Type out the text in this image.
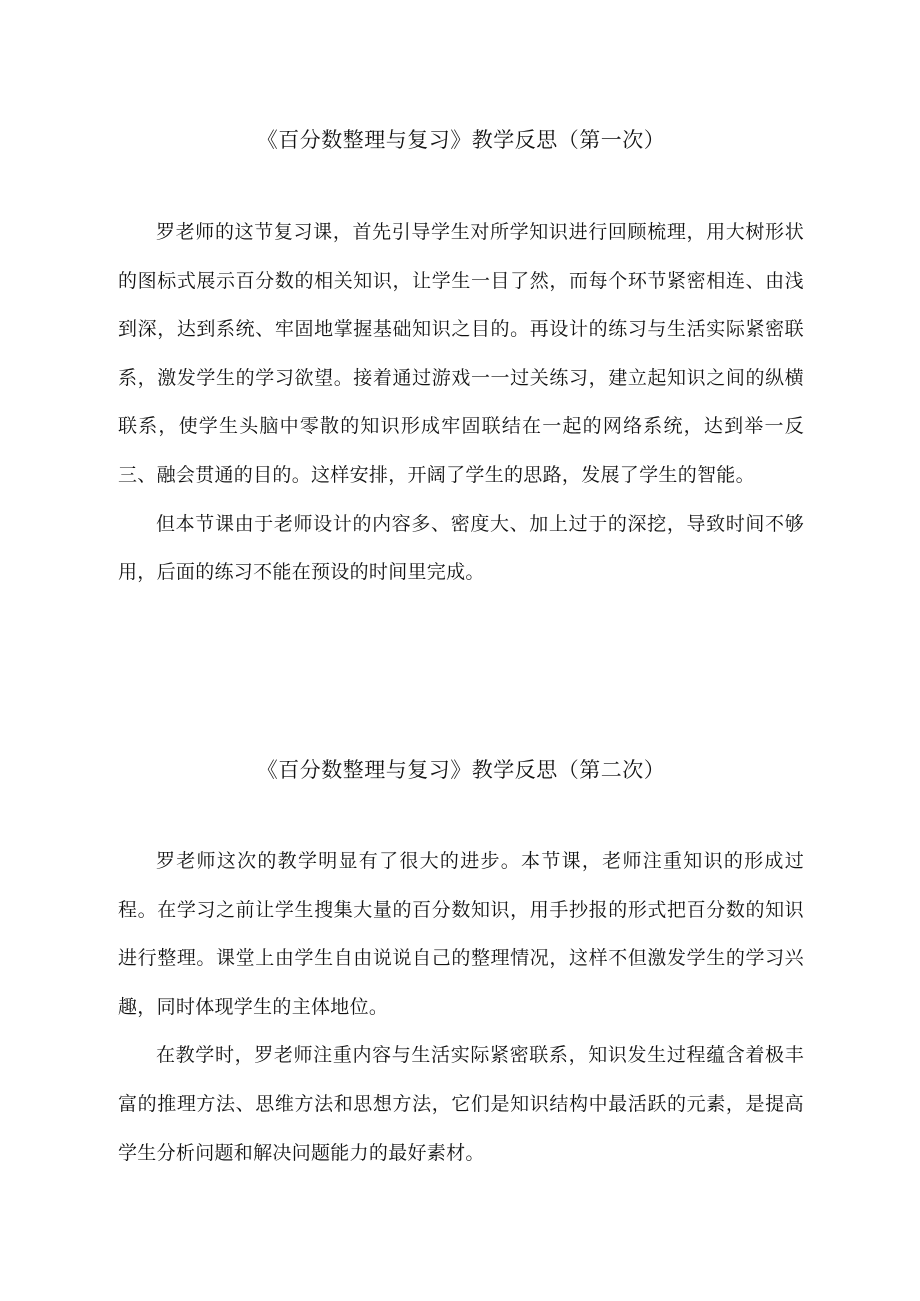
《百分数整理与复习》教学反思（第一次）

罗老师的这节复习课，首先引导学生对所学知识进行回顾梳理，用大树形状的图标式展示百分数的相关知识，让学生一目了然，而每个环节紧密相连、由浅到深，达到系统、牢固地掌握基础知识之目的。再设计的练习与生活实际紧密联系，激发学生的学习欲望。接着通过游戏一一过关练习，建立起知识之间的纵横联系，使学生头脑中零散的知识形成牢固联结在一起的网络系统，达到举一反三、融会贯通的目的。这样安排，开阔了学生的思路，发展了学生的智能。

但本节课由于老师设计的内容多、密度大、加上过于的深挖，导致时间不够用，后面的练习不能在预设的时间里完成。

《百分数整理与复习》教学反思（第二次）

罗老师这次的教学明显有了很大的进步。本节课，老师注重知识的形成过程。在学习之前让学生搜集大量的百分数知识，用手抄报的形式把百分数的知识进行整理。课堂上由学生自由说说自己的整理情况，这样不但激发学生的学习兴趣，同时体现学生的主体地位。

在教学时，罗老师注重内容与生活实际紧密联系，知识发生过程蕴含着极丰富的推理方法、思维方法和思想方法，它们是知识结构中最活跃的元素，是提高学生分析问题和解决问题能力的最好素材。
